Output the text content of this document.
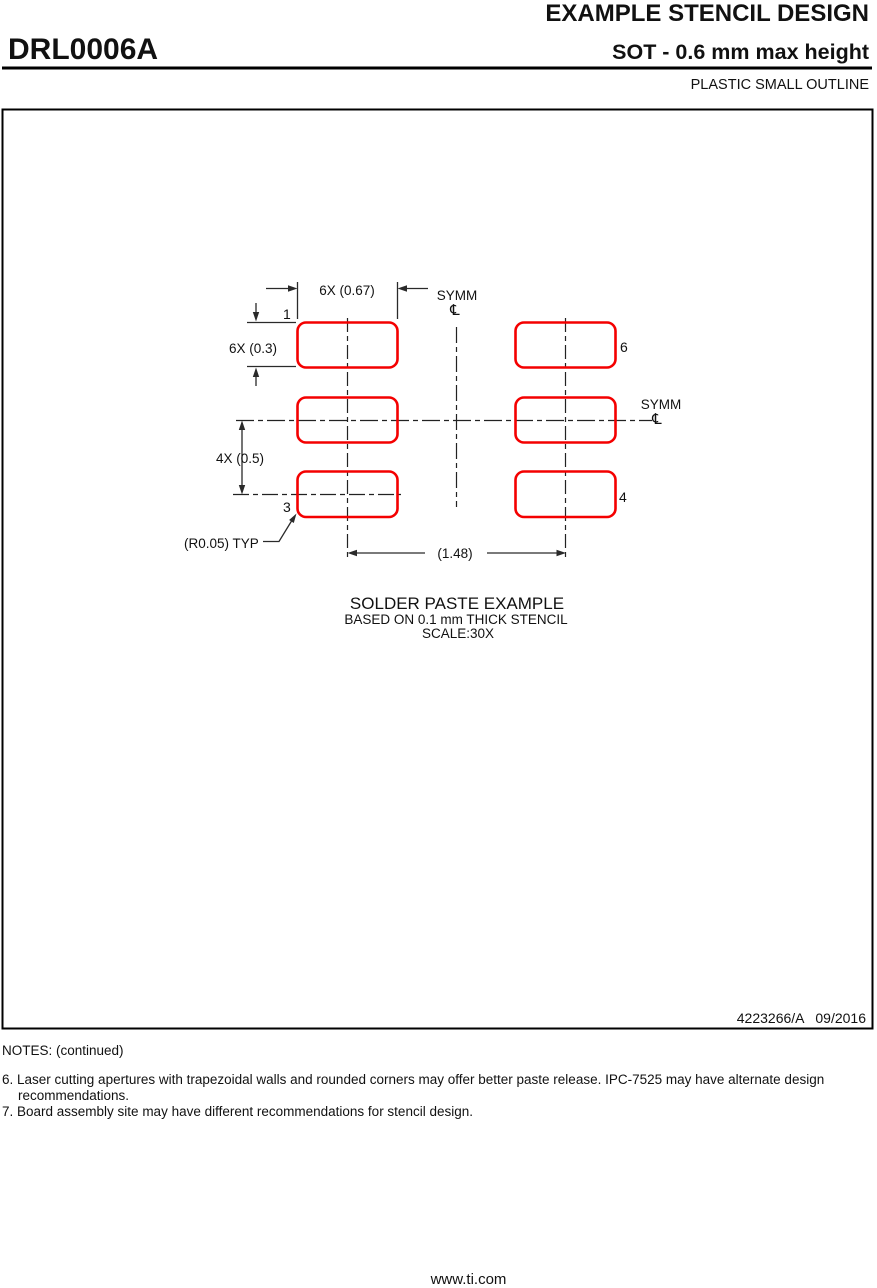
EXAMPLE STENCIL DESIGN
DRL0006A	SOT - 0.6 mm max height
PLASTIC SMALL OUTLINE
6X (0.67)	SYMM
℄
1
6X (0.3)	6
SYMM
℄
4X (0.5)
3
4
(R0.05) TYP
(1.48)
SOLDER PASTE EXAMPLE
BASED ON 0.1 mm THICK STENCIL
SCALE:30X
4223266/A   09/2016
NOTES: (continued)
6. Laser cutting apertures with trapezoidal walls and rounded corners may offer better paste release. IPC-7525 may have alternate design recommendations.
7. Board assembly site may have different recommendations for stencil design.
www.ti.com
